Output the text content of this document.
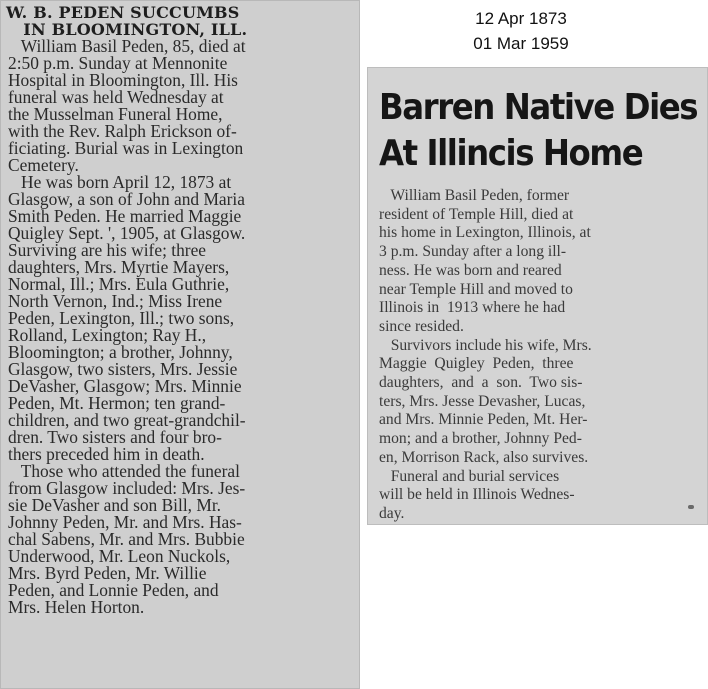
W. B. PEDEN SUCCUMBS
IN BLOOMINGTON, ILL.
William Basil Peden, 85, died at
2:50 p.m. Sunday at Mennonite
Hospital in Bloomington, Ill. His
funeral was held Wednesday at
the Musselman Funeral Home,
with the Rev. Ralph Erickson of-
ficiating. Burial was in Lexington
Cemetery.
He was born April 12, 1873 at
Glasgow, a son of John and Maria
Smith Peden. He married Maggie
Quigley Sept. ', 1905, at Glasgow.
Surviving are his wife; three
daughters, Mrs. Myrtie Mayers,
Normal, Ill.; Mrs. Eula Guthrie,
North Vernon, Ind.; Miss Irene
Peden, Lexington, Ill.; two sons,
Rolland, Lexington; Ray H.,
Bloomington; a brother, Johnny,
Glasgow, two sisters, Mrs. Jessie
DeVasher, Glasgow; Mrs. Minnie
Peden, Mt. Hermon; ten grand-
children, and two great-grandchil-
dren. Two sisters and four bro-
thers preceded him in death.
Those who attended the funeral
from Glasgow included: Mrs. Jes-
sie DeVasher and son Bill, Mr.
Johnny Peden, Mr. and Mrs. Has-
chal Sabens, Mr. and Mrs. Bubbie
Underwood, Mr. Leon Nuckols,
Mrs. Byrd Peden, Mr. Willie
Peden, and Lonnie Peden, and
Mrs. Helen Horton.
12 Apr 1873
01 Mar 1959
Barren Native Dies
At Illincis Home
William Basil Peden, former
resident of Temple Hill, died at
his home in Lexington, Illinois, at
3 p.m. Sunday after a long ill-
ness. He was born and reared
near Temple Hill and moved to
Illinois in  1913 where he had
since resided.
Survivors include his wife, Mrs.
Maggie  Quigley  Peden,  three
daughters,  and  a  son.  Two sis-
ters, Mrs. Jesse Devasher, Lucas,
and Mrs. Minnie Peden, Mt. Her-
mon; and a brother, Johnny Ped-
en, Morrison Rack, also survives.
Funeral and burial services
will be held in Illinois Wednes-
day.
